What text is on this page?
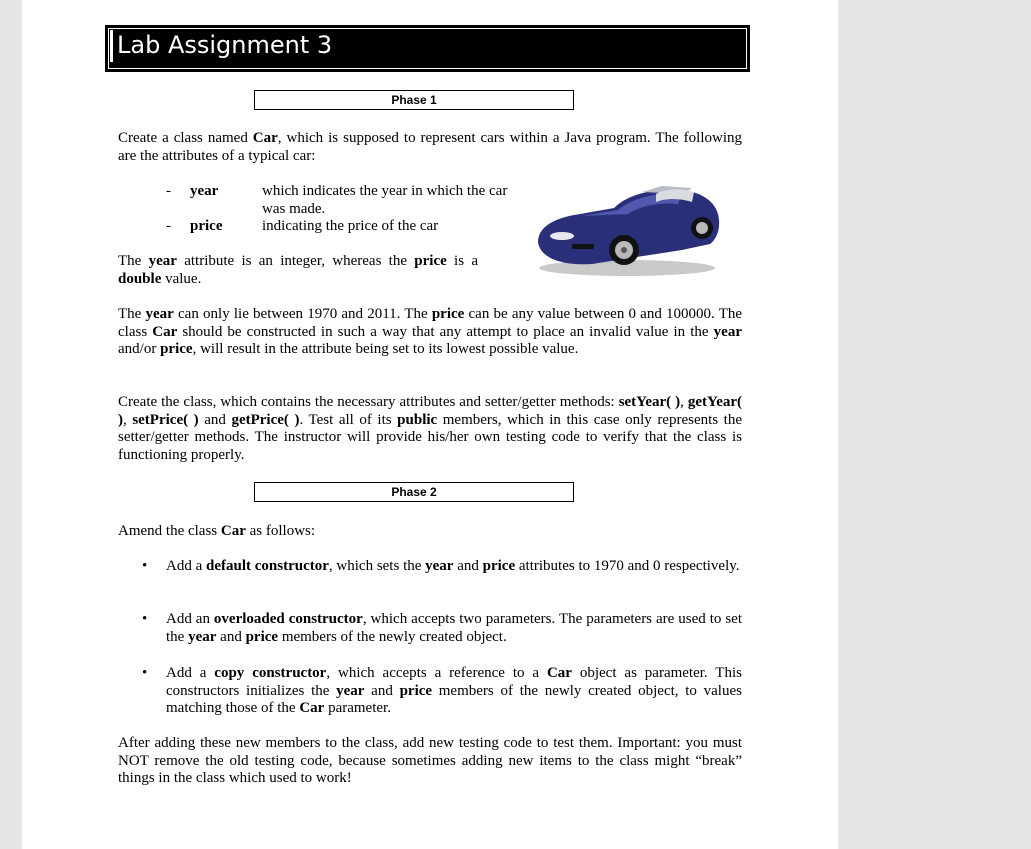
Lab Assignment 3
Phase 1

Create a class named Car, which is supposed to represent cars within a Java program. The following are the attributes of a typical car:

- year	which indicates the year in which the car was made.
- price	indicating the price of the car

The year attribute is an integer, whereas the price is a double value.

The year can only lie between 1970 and 2011. The price can be any value between 0 and 100000. The class Car should be constructed in such a way that any attempt to place an invalid value in the year and/or price, will result in the attribute being set to its lowest possible value.

Create the class, which contains the necessary attributes and setter/getter methods: setYear( ), getYear( ), setPrice( ) and getPrice( ). Test all of its public members, which in this case only represents the setter/getter methods. The instructor will provide his/her own testing code to verify that the class is functioning properly.

Phase 2

Amend the class Car as follows:

• Add a default constructor, which sets the year and price attributes to 1970 and 0 respectively.
• Add an overloaded constructor, which accepts two parameters. The parameters are used to set the year and price members of the newly created object.
• Add a copy constructor, which accepts a reference to a Car object as parameter. This constructors initializes the year and price members of the newly created object, to values matching those of the Car parameter.

After adding these new members to the class, add new testing code to test them. Important: you must NOT remove the old testing code, because sometimes adding new items to the class might “break” things in the class which used to work!
